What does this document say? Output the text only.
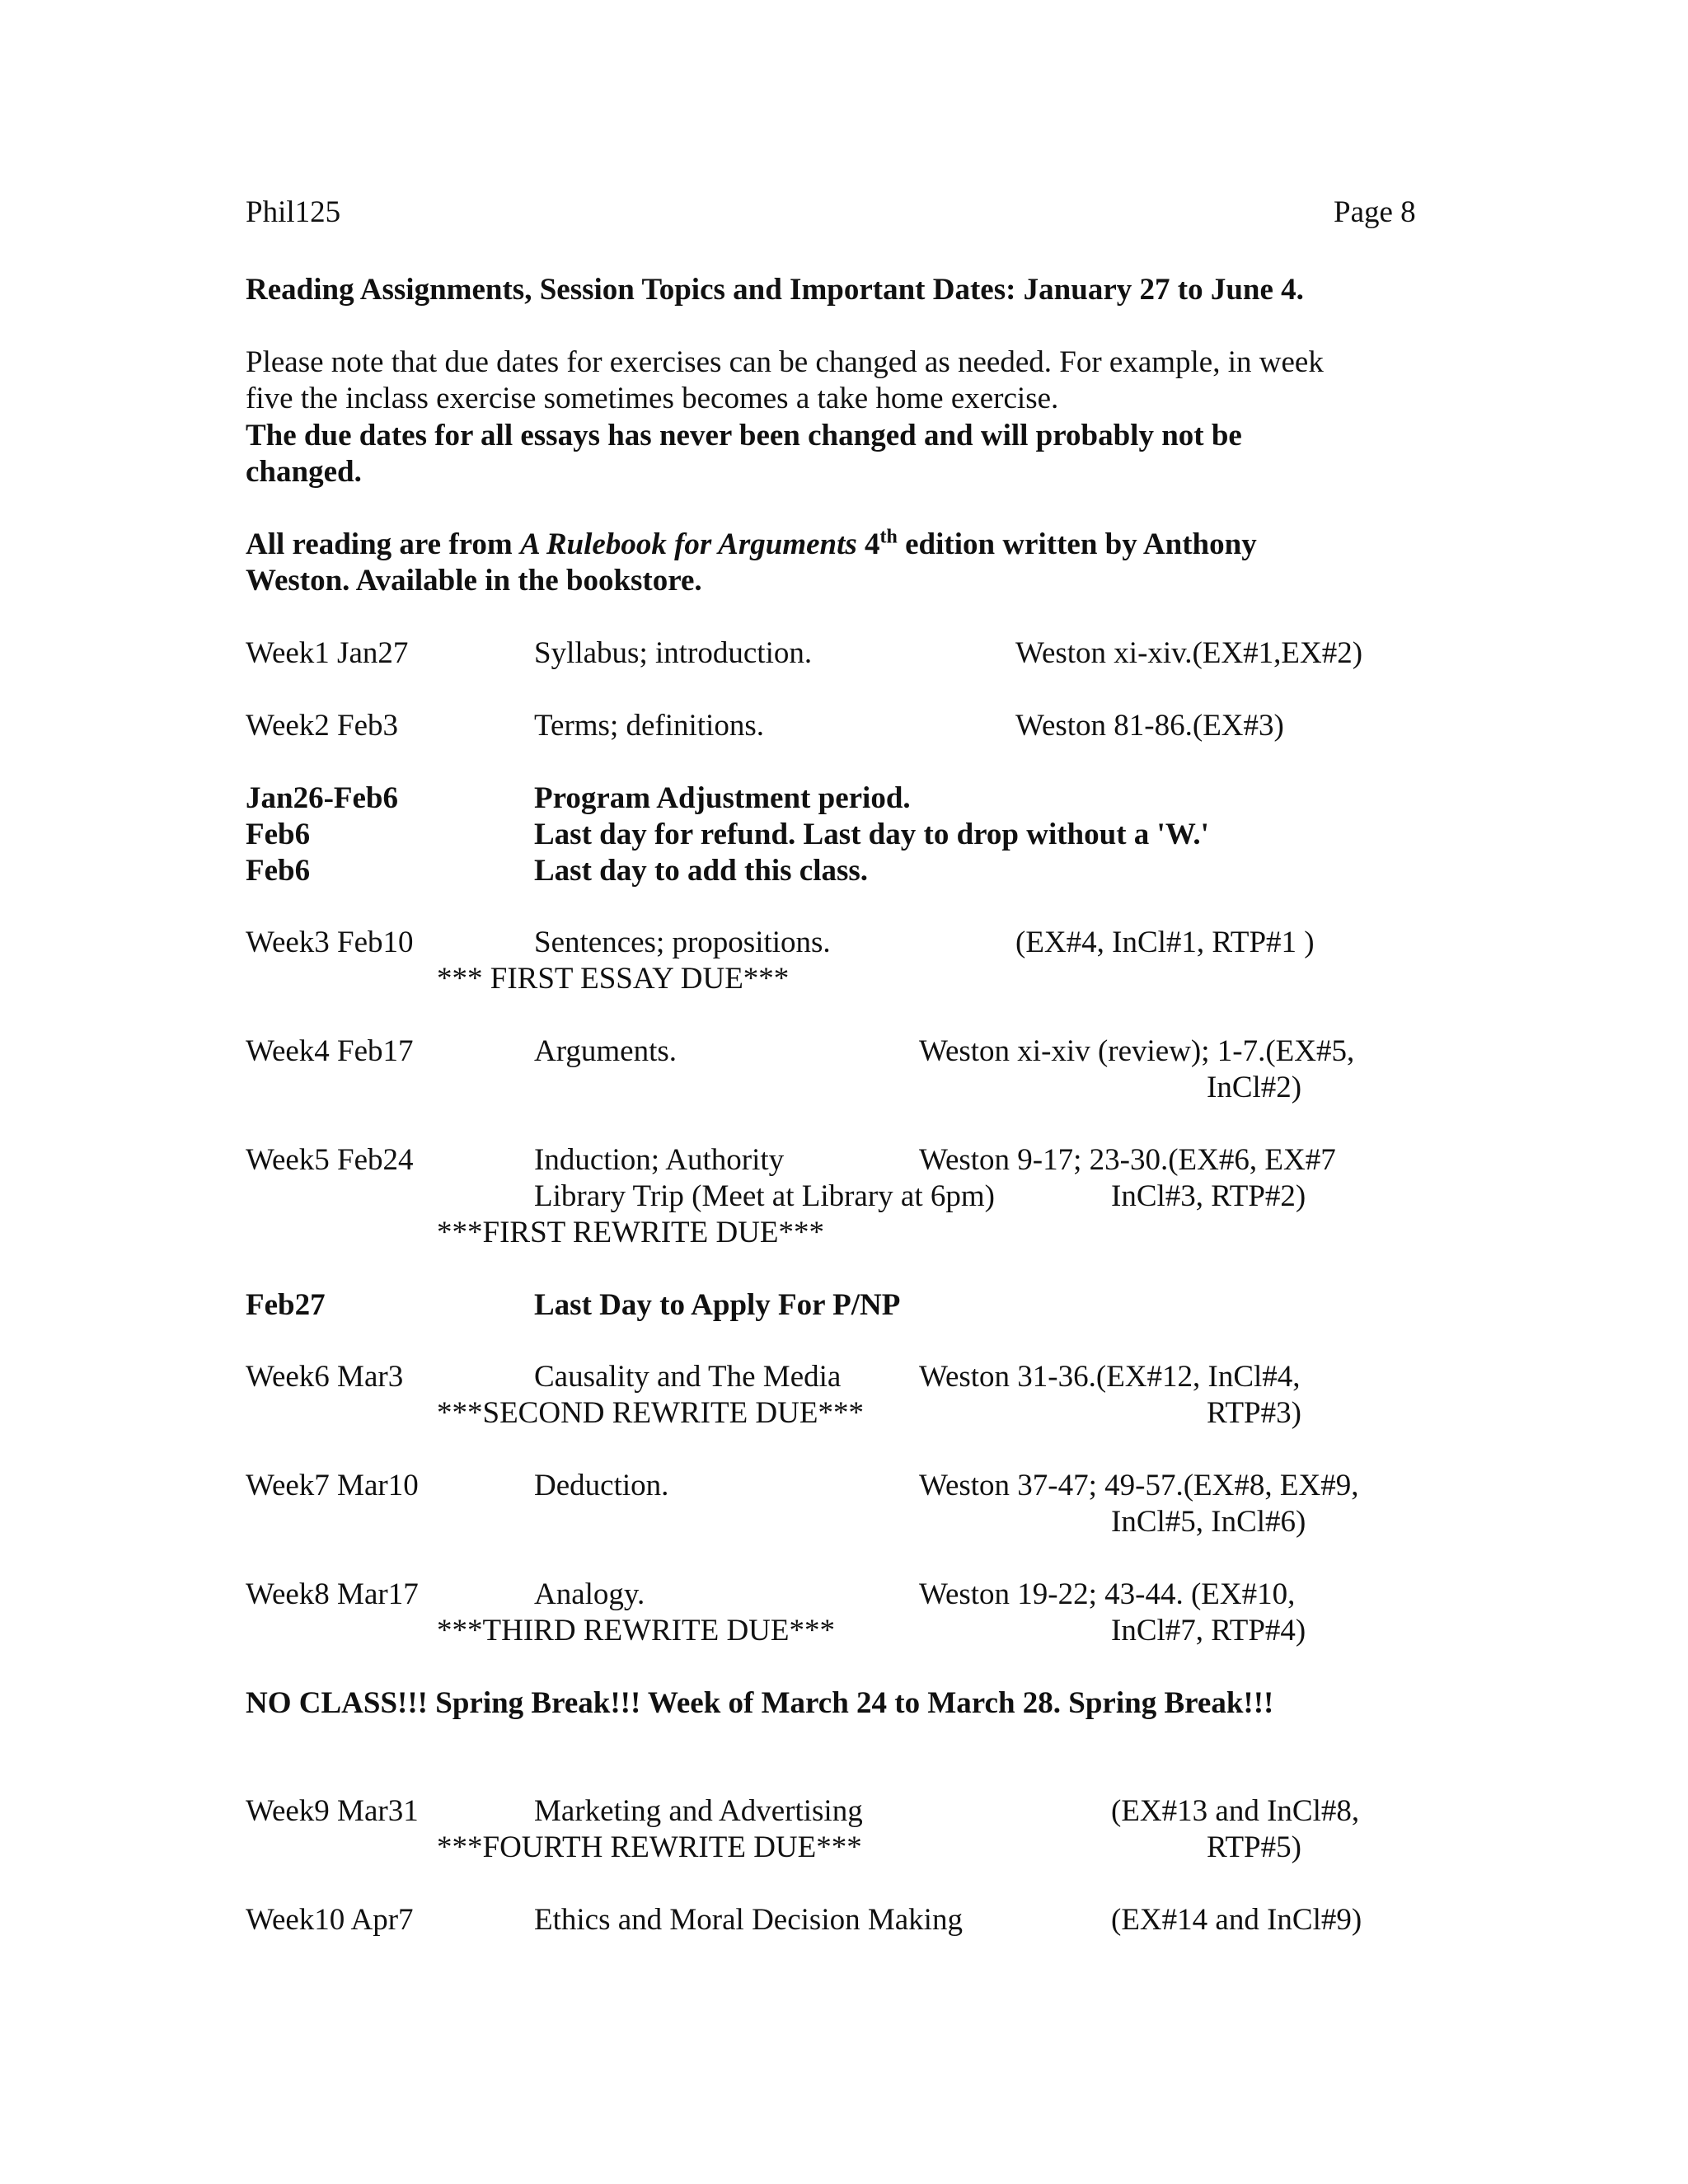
Phil125	Page 8
Reading Assignments, Session Topics and Important Dates: January 27 to June 4.
Please note that due dates for exercises can be changed as needed. For example, in week
five the inclass exercise sometimes becomes a take home exercise.
The due dates for all essays has never been changed and will probably not be
changed.
All reading are from A Rulebook for Arguments 4th edition written by Anthony
Weston. Available in the bookstore.
Week1 Jan27	Syllabus; introduction.	Weston xi-xiv.(EX#1,EX#2)
Week2 Feb3	Terms; definitions.	Weston 81-86.(EX#3)
Jan26-Feb6	Program Adjustment period.
Feb6	Last day for refund. Last day to drop without a 'W.'
Feb6	Last day to add this class.
Week3 Feb10	Sentences; propositions.	(EX#4, InCl#1, RTP#1 )
*** FIRST ESSAY DUE***
Week4 Feb17	Arguments.	Weston xi-xiv (review); 1-7.(EX#5,
InCl#2)
Week5 Feb24	Induction; Authority	Weston 9-17; 23-30.(EX#6, EX#7
Library Trip (Meet at Library at 6pm)	InCl#3, RTP#2)
***FIRST REWRITE DUE***
Feb27	Last Day to Apply For P/NP
Week6 Mar3	Causality and The Media	Weston 31-36.(EX#12, InCl#4,
***SECOND REWRITE DUE***	RTP#3)
Week7 Mar10	Deduction.	Weston 37-47; 49-57.(EX#8, EX#9,
InCl#5, InCl#6)
Week8 Mar17	Analogy.	Weston 19-22; 43-44. (EX#10,
***THIRD REWRITE DUE***	InCl#7, RTP#4)
NO CLASS!!! Spring Break!!! Week of March 24 to March 28. Spring Break!!!
Week9 Mar31	Marketing and Advertising	(EX#13 and InCl#8,
***FOURTH REWRITE DUE***	RTP#5)
Week10 Apr7	Ethics and Moral Decision Making	(EX#14 and InCl#9)
